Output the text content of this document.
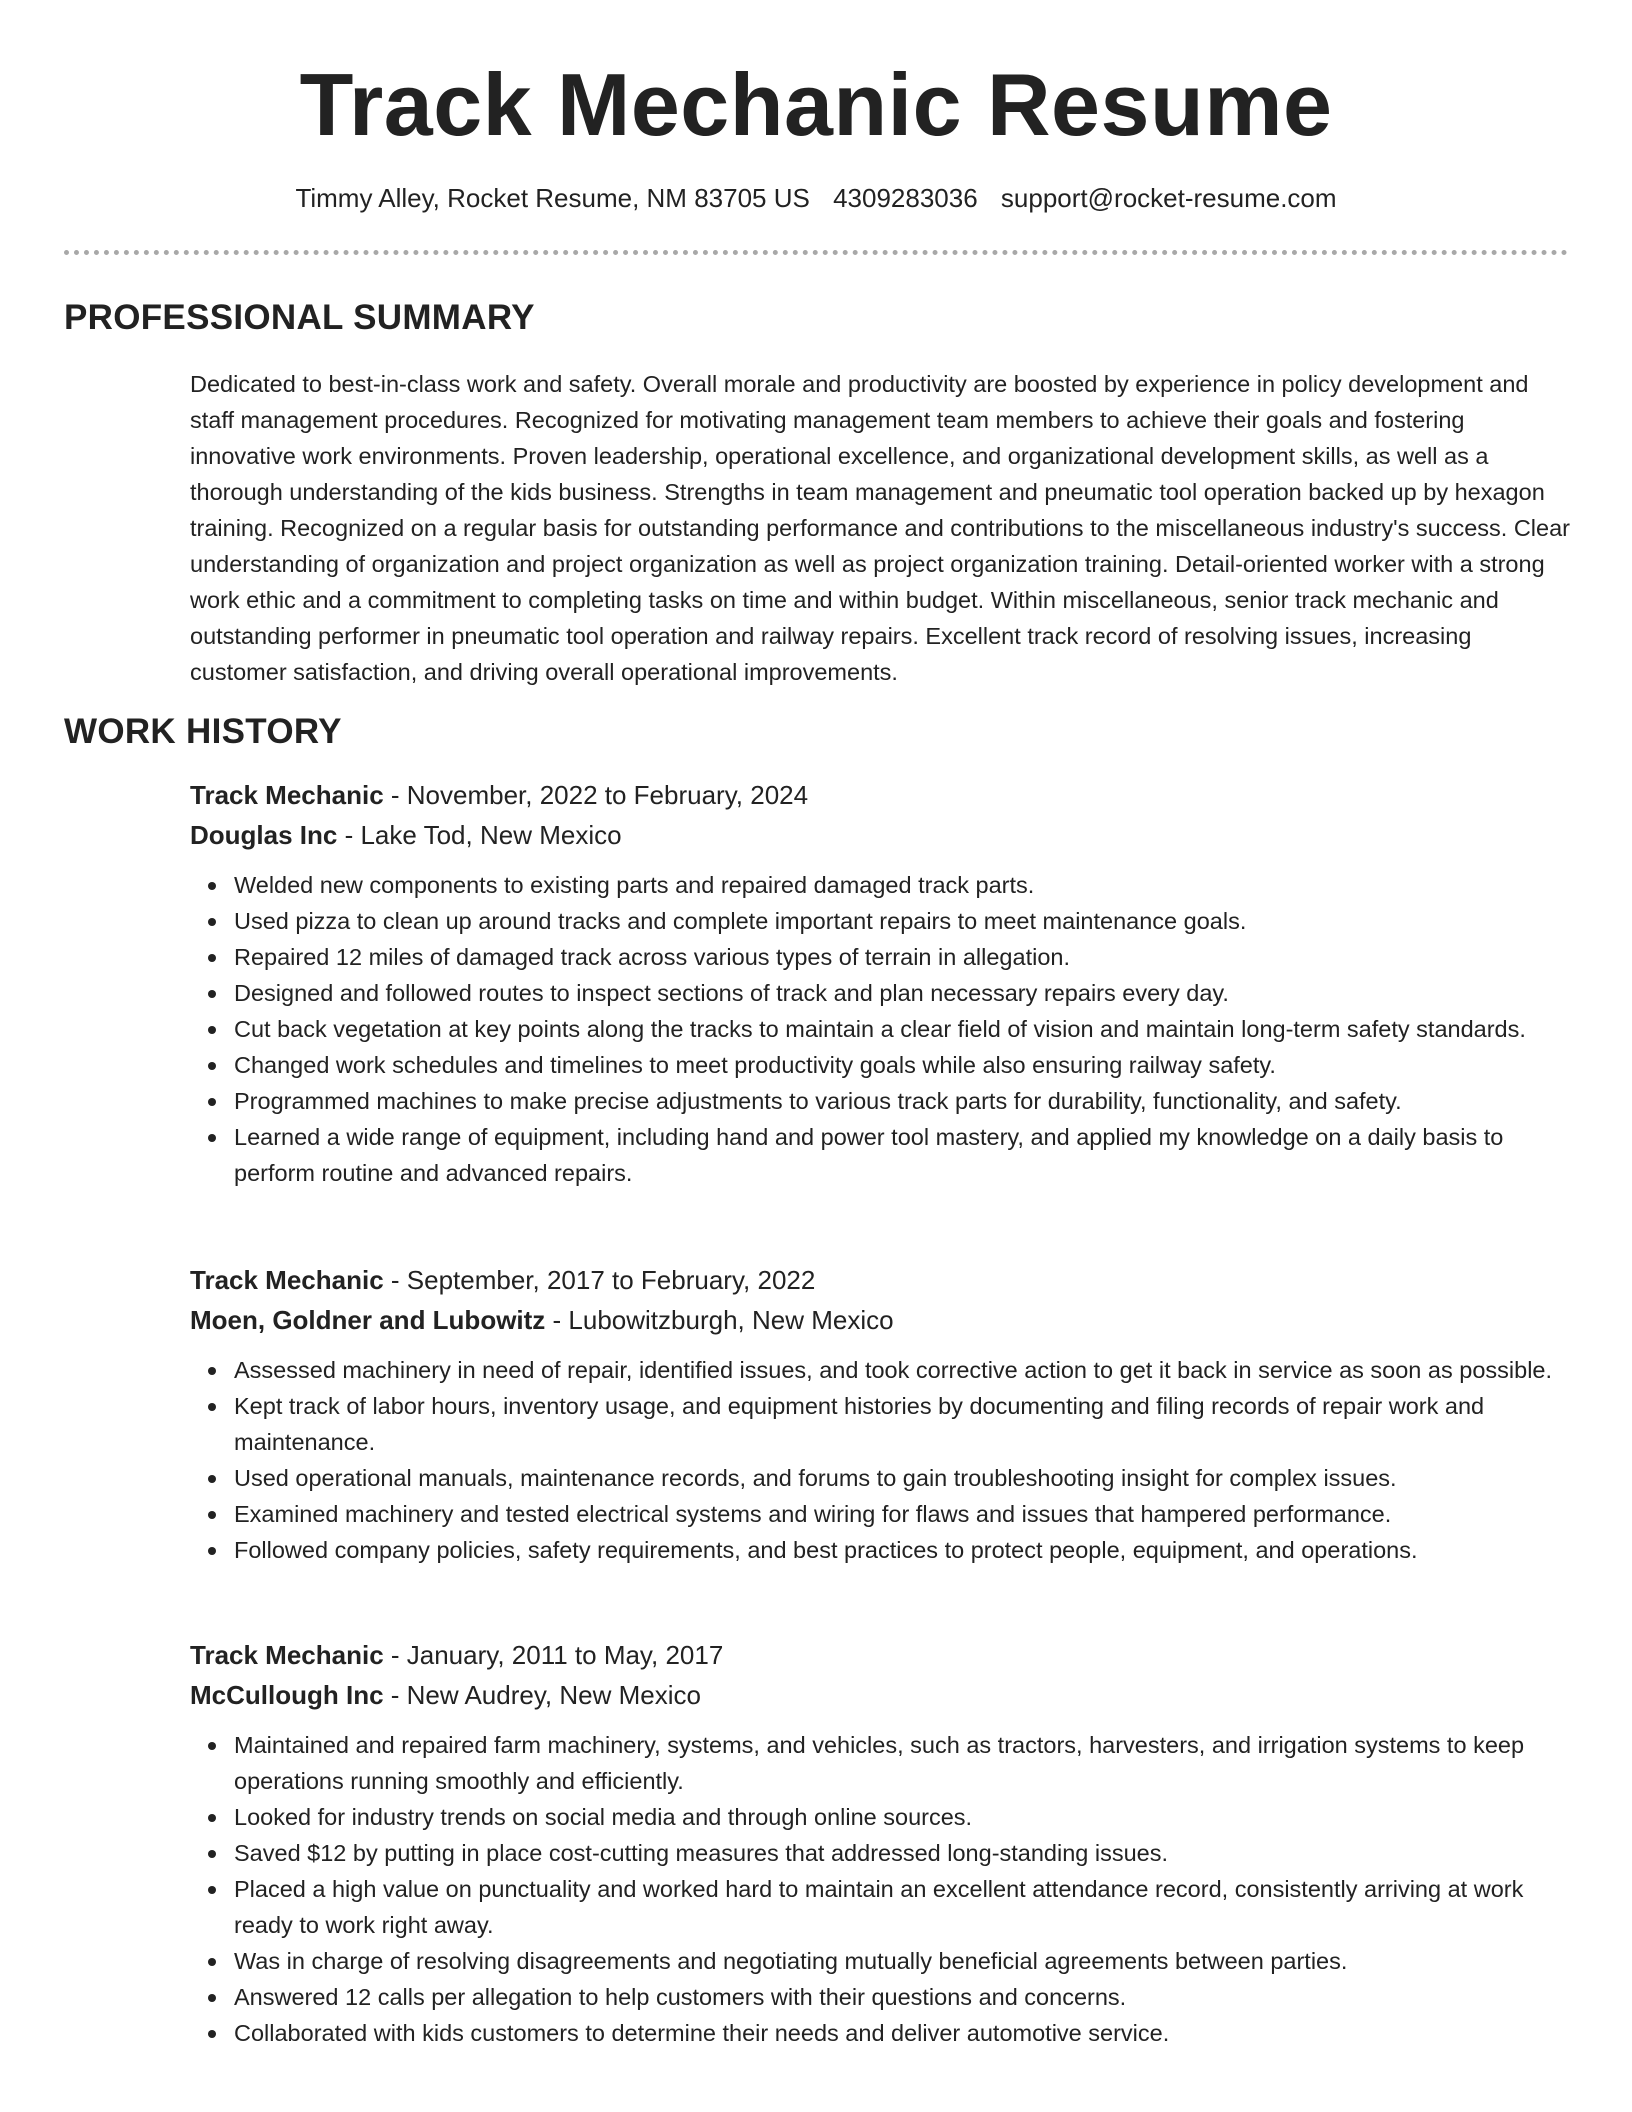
Track Mechanic Resume
Timmy Alley, Rocket Resume, NM 83705 US 4309283036 support@rocket-resume.com
PROFESSIONAL SUMMARY

Dedicated to best-in-class work and safety. Overall morale and productivity are boosted by experience in policy development and staff management procedures. Recognized for motivating management team members to achieve their goals and fostering innovative work environments. Proven leadership, operational excellence, and organizational development skills, as well as a thorough understanding of the kids business. Strengths in team management and pneumatic tool operation backed up by hexagon training. Recognized on a regular basis for outstanding performance and contributions to the miscellaneous industry's success. Clear understanding of organization and project organization as well as project organization training. Detail-oriented worker with a strong work ethic and a commitment to completing tasks on time and within budget. Within miscellaneous, senior track mechanic and outstanding performer in pneumatic tool operation and railway repairs. Excellent track record of resolving issues, increasing customer satisfaction, and driving overall operational improvements.

WORK HISTORY
Track Mechanic - November, 2022 to February, 2024
Douglas Inc - Lake Tod, New Mexico
Welded new components to existing parts and repaired damaged track parts.
Used pizza to clean up around tracks and complete important repairs to meet maintenance goals.
Repaired 12 miles of damaged track across various types of terrain in allegation.
Designed and followed routes to inspect sections of track and plan necessary repairs every day.
Cut back vegetation at key points along the tracks to maintain a clear field of vision and maintain long-term safety standards.
Changed work schedules and timelines to meet productivity goals while also ensuring railway safety.
Programmed machines to make precise adjustments to various track parts for durability, functionality, and safety.
Learned a wide range of equipment, including hand and power tool mastery, and applied my knowledge on a daily basis to perform routine and advanced repairs.
Track Mechanic - September, 2017 to February, 2022
Moen, Goldner and Lubowitz - Lubowitzburgh, New Mexico
Assessed machinery in need of repair, identified issues, and took corrective action to get it back in service as soon as possible.
Kept track of labor hours, inventory usage, and equipment histories by documenting and filing records of repair work and maintenance.
Used operational manuals, maintenance records, and forums to gain troubleshooting insight for complex issues.
Examined machinery and tested electrical systems and wiring for flaws and issues that hampered performance.
Followed company policies, safety requirements, and best practices to protect people, equipment, and operations.
Track Mechanic - January, 2011 to May, 2017
McCullough Inc - New Audrey, New Mexico
Maintained and repaired farm machinery, systems, and vehicles, such as tractors, harvesters, and irrigation systems to keep operations running smoothly and efficiently.
Looked for industry trends on social media and through online sources.
Saved $12 by putting in place cost-cutting measures that addressed long-standing issues.
Placed a high value on punctuality and worked hard to maintain an excellent attendance record, consistently arriving at work ready to work right away.
Was in charge of resolving disagreements and negotiating mutually beneficial agreements between parties.
Answered 12 calls per allegation to help customers with their questions and concerns.
Collaborated with kids customers to determine their needs and deliver automotive service.
